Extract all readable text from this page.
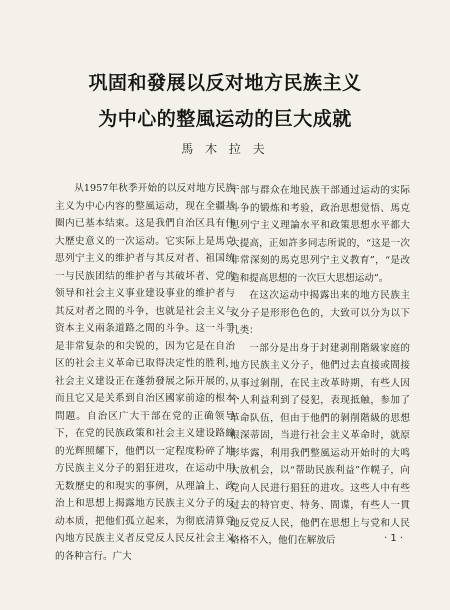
巩固和發展以反对地方民族主义
为中心的整風运动的巨大成就
馬 木 拉 夫

从1957年秋季开始的以反对地方民族主义为中心内容的整風运动，现在全疆基圈内已基本结束。这是我們自治区具有伟大歷史意义的一次运动。它实际上是馬克思列宁主义的维护者与其反对者、祖国统一与民族团结的维护者与其破坏者、党的领导和社会主义事业建设事业的维护者与其反对者之間的斗争，也就是社会主义与资本主义兩条道路之間的斗争。这一斗爭是非常复杂的和尖锐的，因为它是在自治区的社会主义革命已取得决定性的胜利，社会主义建设正在蓬勃發展之际开展的，而且它又是关系到自治区國家前途的根本問題。自治区广大干部在党的正确领导下，在党的民族政策和社会主义建设路線的光辉照耀下，他們以一定程度粉碎了地方民族主义分子的猖狂进攻，在运动中用无数歷史的和現实的事例，从理論上、政治上和思想上揭露地方民族主义分子的反动本质，把他们孤立起来，为彻底清算党內地方民族主义者反党反人民反社会主义的各种言行。广大

干部与群众在地民族干部通过运动的实际斗争的锻炼和考验，政治思想觉悟、馬克思列宁主义理論水平和政策思想水平都大大提高，正如許多同志所说的，“这是一次非常深刻的馬克思列宁主义教育”，“是改造和提高思想的一次巨大思想运动”。

在这次运动中揭露出来的地方民族主义分子是形形色色的，大致可以分为以下几类：

一部分是出身于封建剥削階級家庭的地方民族主义分子，他們过去直接或間接从事过剝削，在民主改革時期，有些人因个人利益利到了侵犯，表现抵触，参加了革命队伍，但由于他們的剝削階級的思想根深蒂固，当进行社会主义革命时，就原形毕露，利用我們整風运动开始时的大鸣大放机会，以“帮助民族利益”作幌子，向党向人民进行猖狂的进攻。这些人中有些过去的特官吏、特务、間谍，有些人一貫地反党反人民，他們在思想上与党和人民格格不入，他们在解放后	· 1 ·
